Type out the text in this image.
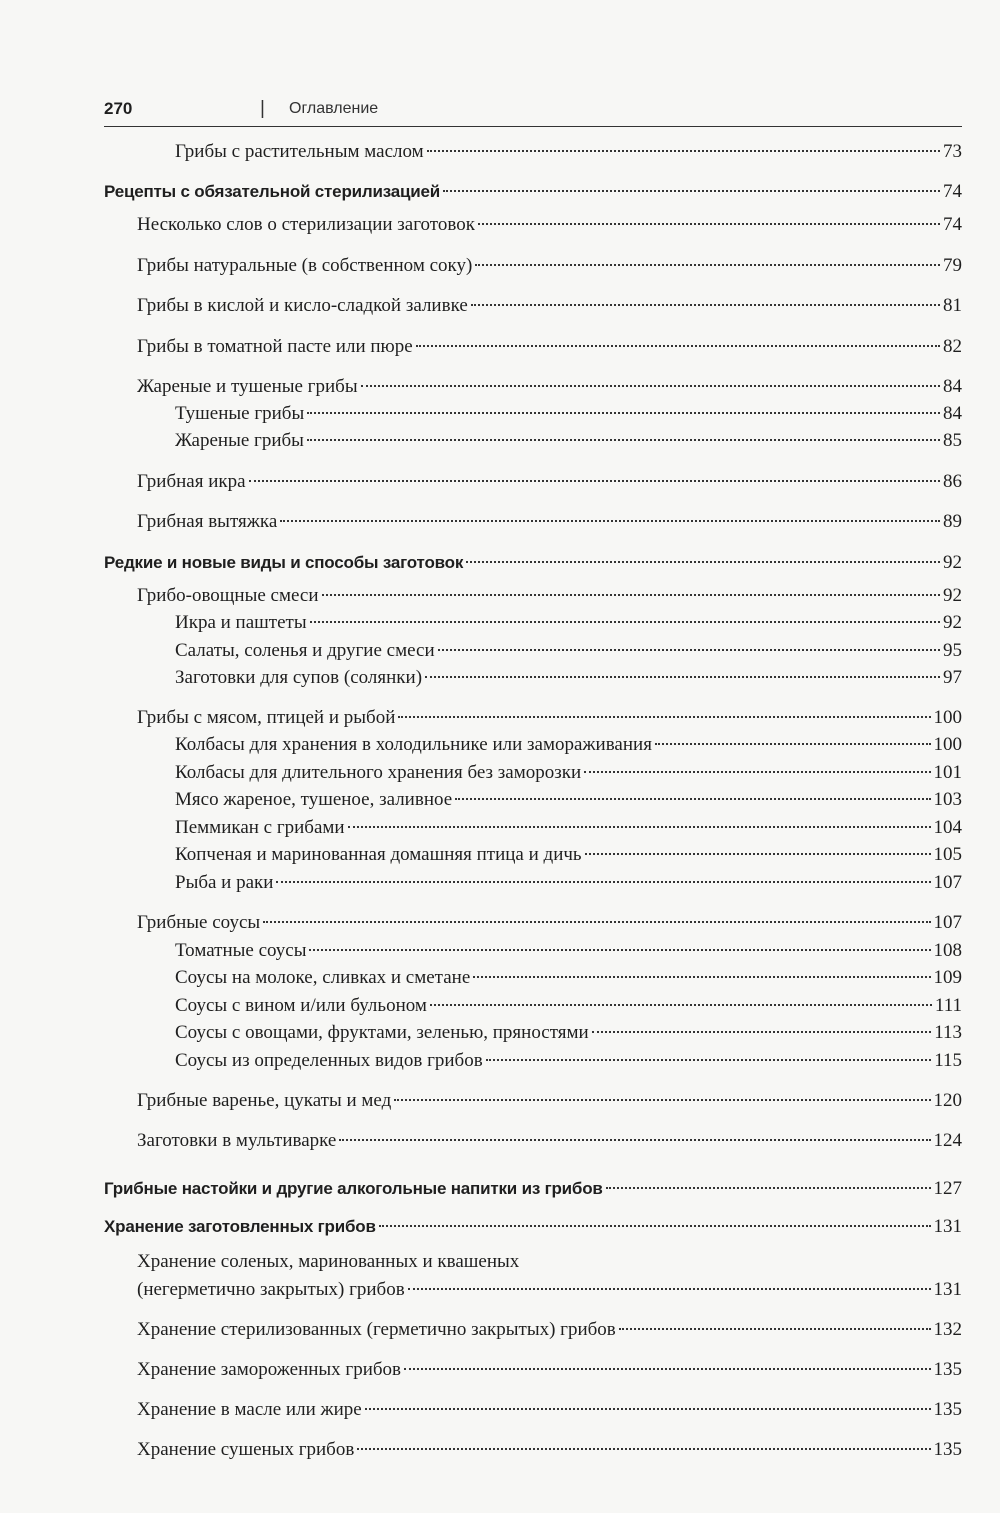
270	| Оглавление
Грибы с растительным маслом	73
Рецепты с обязательной стерилизацией	74
Несколько слов о стерилизации заготовок	74
Грибы натуральные (в собственном соку)	79
Грибы в кислой и кисло-сладкой заливке	81
Грибы в томатной пасте или пюре	82
Жареные и тушеные грибы	84
Тушеные грибы	84
Жареные грибы	85
Грибная икра	86
Грибная вытяжка	89
Редкие и новые виды и способы заготовок	92
Грибо-овощные смеси	92
Икра и паштеты	92
Салаты, соленья и другие смеси	95
Заготовки для супов (солянки)	97
Грибы с мясом, птицей и рыбой	100
Колбасы для хранения в холодильнике или замораживания	100
Колбасы для длительного хранения без заморозки	101
Мясо жареное, тушеное, заливное	103
Пеммикан с грибами	104
Копченая и маринованная домашняя птица и дичь	105
Рыба и раки	107
Грибные соусы	107
Томатные соусы	108
Соусы на молоке, сливках и сметане	109
Соусы с вином и/или бульоном	111
Соусы с овощами, фруктами, зеленью, пряностями	113
Соусы из определенных видов грибов	115
Грибные варенье, цукаты и мед	120
Заготовки в мультиварке	124
Грибные настойки и другие алкогольные напитки из грибов	127
Хранение заготовленных грибов	131
Хранение соленых, маринованных и квашеных
(негерметично закрытых) грибов	131
Хранение стерилизованных (герметично закрытых) грибов	132
Хранение замороженных грибов	135
Хранение в масле или жире	135
Хранение сушеных грибов	135
